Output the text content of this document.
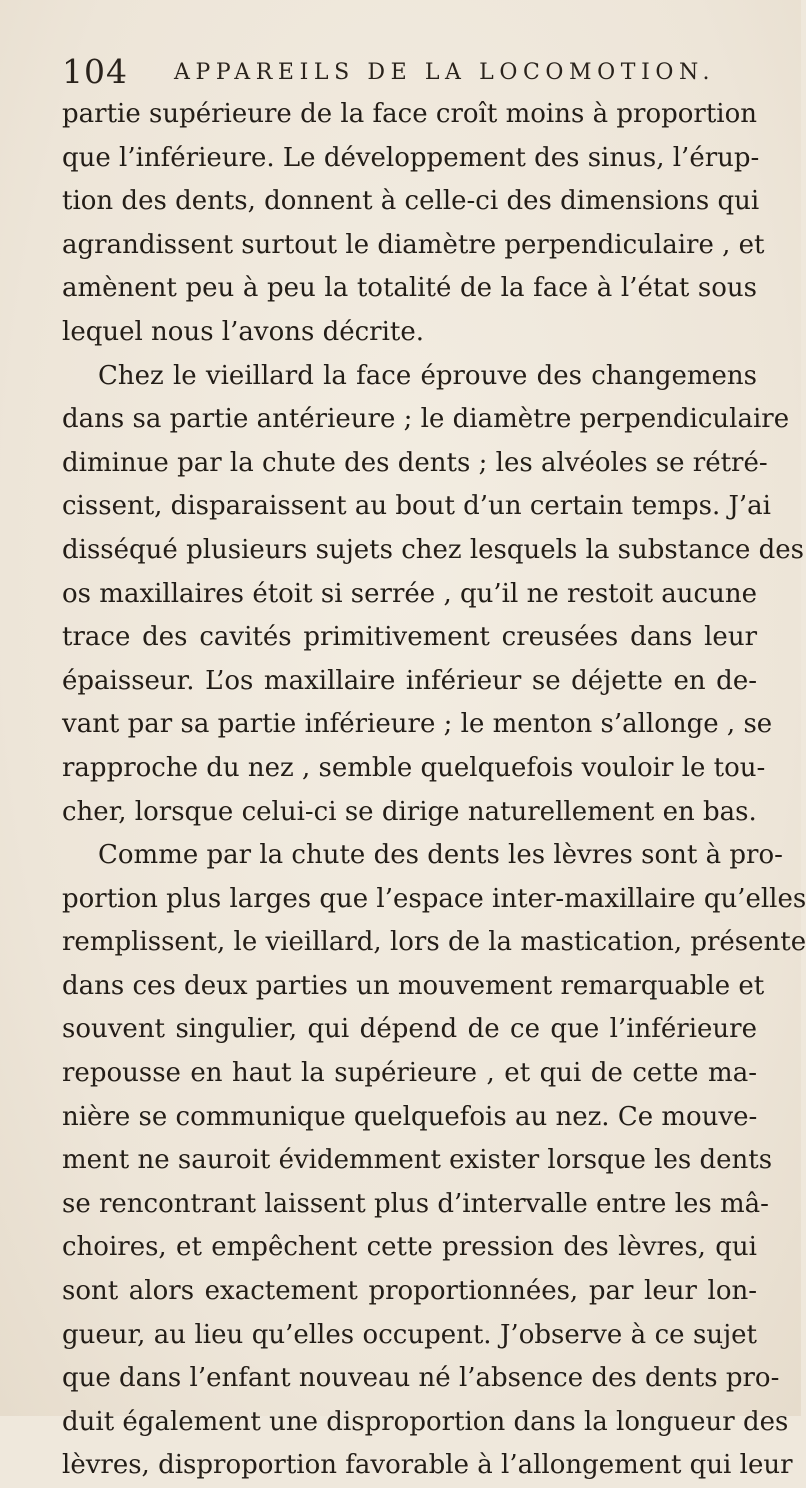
104 APPAREILS DE LA LOCOMOTION.
partie supérieure de la face croît moins à proportion
que l’inférieure. Le développement des sinus, l’érup-
tion des dents, donnent à celle-ci des dimensions qui
agrandissent surtout le diamètre perpendiculaire , et
amènent peu à peu la totalité de la face à l’état sous
lequel nous l’avons décrite.
Chez le vieillard la face éprouve des changemens
dans sa partie antérieure ; le diamètre perpendiculaire
diminue par la chute des dents ; les alvéoles se rétré-
cissent, disparaissent au bout d’un certain temps. J’ai
disséqué plusieurs sujets chez lesquels la substance des
os maxillaires étoit si serrée , qu’il ne restoit aucune
trace des cavités primitivement creusées dans leur
épaisseur. L’os maxillaire inférieur se déjette en de-
vant par sa partie inférieure ; le menton s’allonge , se
rapproche du nez , semble quelquefois vouloir le tou-
cher, lorsque celui-ci se dirige naturellement en bas.
Comme par la chute des dents les lèvres sont à pro-
portion plus larges que l’espace inter-maxillaire qu’elles
remplissent, le vieillard, lors de la mastication, présente
dans ces deux parties un mouvement remarquable et
souvent singulier, qui dépend de ce que l’inférieure
repousse en haut la supérieure , et qui de cette ma-
nière se communique quelquefois au nez. Ce mouve-
ment ne sauroit évidemment exister lorsque les dents
se rencontrant laissent plus d’intervalle entre les mâ-
choires, et empêchent cette pression des lèvres, qui
sont alors exactement proportionnées, par leur lon-
gueur, au lieu qu’elles occupent. J’observe à ce sujet
que dans l’enfant nouveau né l’absence des dents pro-
duit également une disproportion dans la longueur des
lèvres, disproportion favorable à l’allongement qui leur
